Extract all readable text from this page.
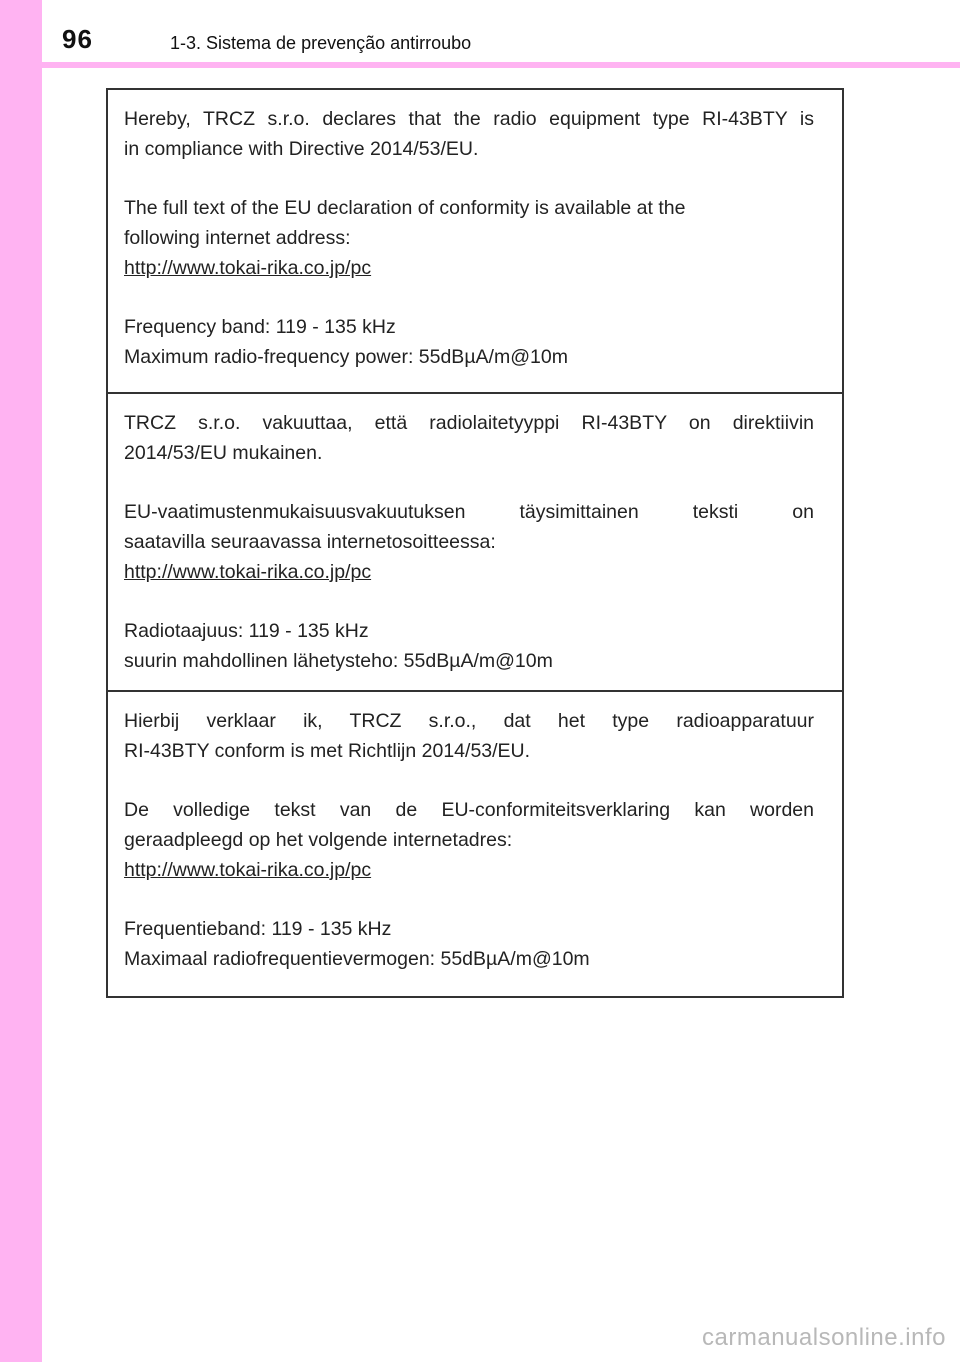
96	1-3. Sistema de prevenção antirroubo

Hereby, TRCZ s.r.o. declares that the radio equipment type RI-43BTY is

in compliance with Directive 2014/53/EU.

The full text of the EU declaration of conformity is available at the

following internet address:

http://www.tokai-rika.co.jp/pc

Frequency band: 119 - 135 kHz

Maximum radio-frequency power: 55dBµA/m@10m

TRCZ s.r.o. vakuuttaa, että radiolaitetyyppi RI-43BTY on direktiivin

2014/53/EU mukainen.

EU-vaatimustenmukaisuusvakuutuksen täysimittainen teksti on

saatavilla seuraavassa internetosoitteessa:

http://www.tokai-rika.co.jp/pc

Radiotaajuus: 119 - 135 kHz

suurin mahdollinen lähetysteho: 55dBµA/m@10m

Hierbij verklaar ik, TRCZ s.r.o., dat het type radioapparatuur

RI-43BTY conform is met Richtlijn 2014/53/EU.

De volledige tekst van de EU-conformiteitsverklaring kan worden

geraadpleegd op het volgende internetadres:

http://www.tokai-rika.co.jp/pc

Frequentieband: 119 - 135 kHz

Maximaal radiofrequentievermogen: 55dBµA/m@10m

carmanualsonline.info
